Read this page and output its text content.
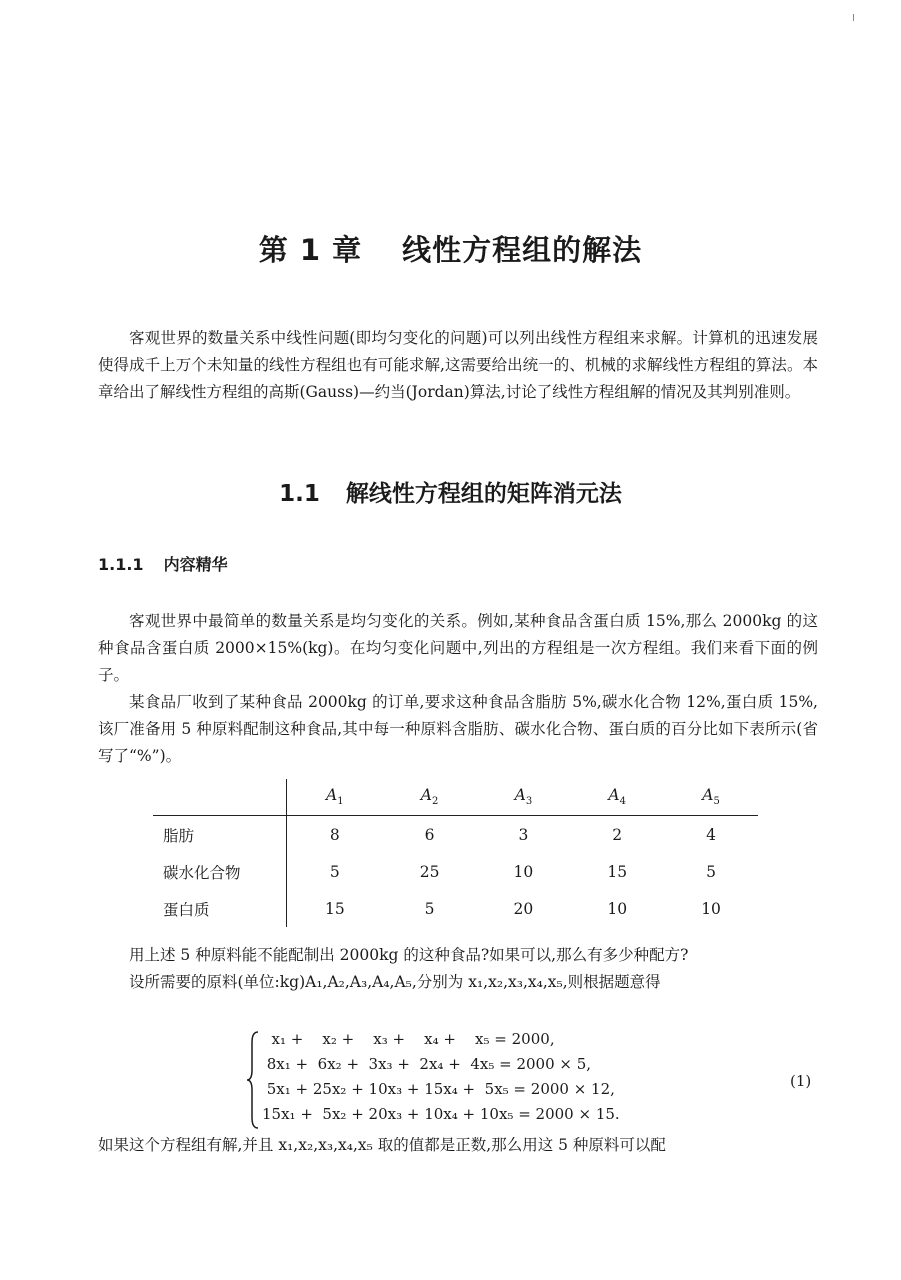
第 1 章 线性方程组的解法

客观世界的数量关系中线性问题(即均匀变化的问题)可以列出线性方程组来求解。计算机的迅速发展使得成千上万个未知量的线性方程组也有可能求解,这需要给出统一的、机械的求解线性方程组的算法。本章给出了解线性方程组的高斯(Gauss)—约当(Jordan)算法,讨论了线性方程组解的情况及其判别准则。

1.1 解线性方程组的矩阵消元法
1.1.1 内容精华

客观世界中最简单的数量关系是均匀变化的关系。例如,某种食品含蛋白质 15%,那么 2000kg 的这种食品含蛋白质 2000×15%(kg)。在均匀变化问题中,列出的方程组是一次方程组。我们来看下面的例子。

某食品厂收到了某种食品 2000kg 的订单,要求这种食品含脂肪 5%,碳水化合物 12%,蛋白质 15%,该厂准备用 5 种原料配制这种食品,其中每一种原料含脂肪、碳水化合物、蛋白质的百分比如下表所示(省写了“%”)。

	$A_1$	$A_2$	$A_3$	$A_4$	$A_5$
脂肪	8	6	3	2	4
碳水化合物	5	25	10	15	5
蛋白质	15	5	20	10	10

用上述 5 种原料能不能配制出 2000kg 的这种食品?如果可以,那么有多少种配方?

设所需要的原料(单位:kg)A₁,A₂,A₃,A₄,A₅,分别为 x₁,x₂,x₃,x₄,x₅,则根据题意得

x₁ +    x₂ +    x₃ +    x₄ +    x₅ = 2000,
8x₁ +  6x₂ +  3x₃ +  2x₄ +  4x₅ = 2000 × 5,
5x₁ + 25x₂ + 10x₃ + 15x₄ +  5x₅ = 2000 × 12,
15x₁ +  5x₂ + 20x₃ + 10x₄ + 10x₅ = 2000 × 15.
(1)
如果这个方程组有解,并且 x₁,x₂,x₃,x₄,x₅ 取的值都是正数,那么用这 5 种原料可以配
